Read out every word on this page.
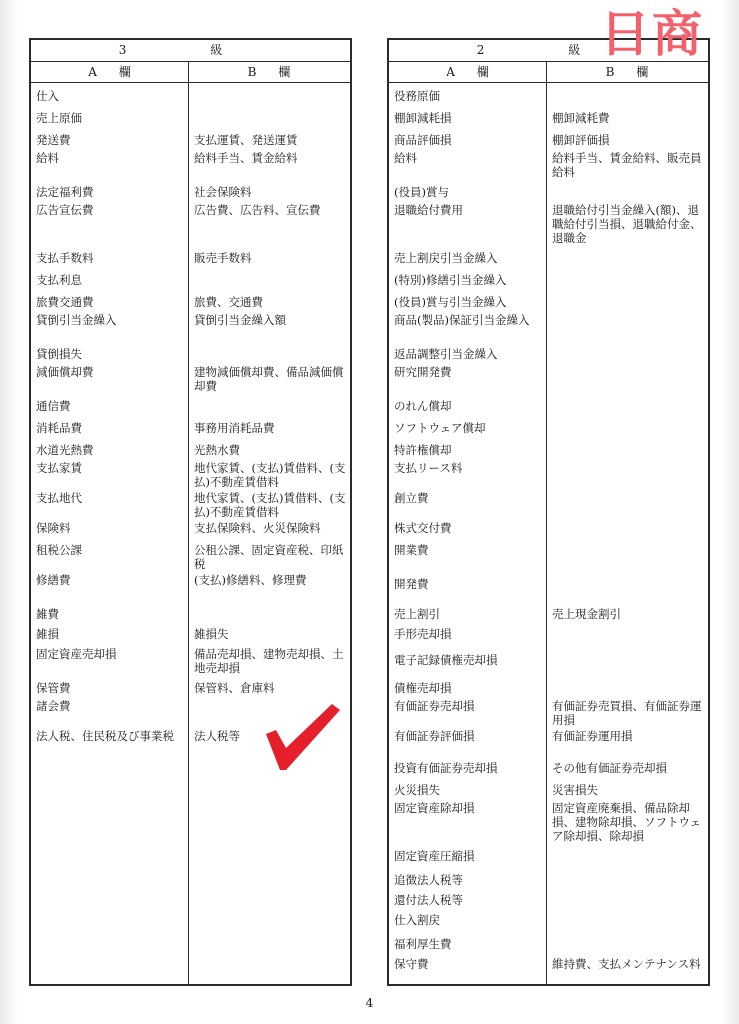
3 級
A 欄	B 欄
仕入
売上原価
発送費	支払運賃、発送運賃
給料	給料手当、賃金給料
法定福利費	社会保険料
広告宣伝費	広告費、広告料、宣伝費
支払手数料	販売手数料
支払利息
旅費交通費	旅費、交通費
貸倒引当金繰入	貸倒引当金繰入額
貸倒損失
減価償却費	建物減価償却費、備品減価償却費
通信費
消耗品費	事務用消耗品費
水道光熱費	光熱水費
支払家賃	地代家賃、(支払)賃借料、(支払)不動産賃借料
支払地代	地代家賃、(支払)賃借料、(支払)不動産賃借料
保険料	支払保険料、火災保険料
租税公課	公租公課、固定資産税、印紙税
修繕費	(支払)修繕料、修理費
雑費
雑損	雑損失
固定資産売却損	備品売却損、建物売却損、土地売却損
保管費	保管料、倉庫料
諸会費
法人税、住民税及び事業税	法人税等
2 級
A 欄	B 欄
役務原価
棚卸減耗損	棚卸減耗費
商品評価損	棚卸評価損
給料	給料手当、賃金給料、販売員給料
(役員)賞与
退職給付費用	退職給付引当金繰入(額)、退職給付引当損、退職給付金、退職金
売上割戻引当金繰入
(特別)修繕引当金繰入
(役員)賞与引当金繰入
商品(製品)保証引当金繰入
返品調整引当金繰入
研究開発費
のれん償却
ソフトウェア償却
特許権償却
支払リース料
創立費
株式交付費
開業費
開発費
売上割引	売上現金割引
手形売却損
電子記録債権売却損
債権売却損
有価証券売却損	有価証券売買損、有価証券運用損
有価証券評価損	有価証券運用損
投資有価証券売却損	その他有価証券売却損
火災損失	災害損失
固定資産除却損	固定資産廃棄損、備品除却損、建物除却損、ソフトウェア除却損、除却損
固定資産圧縮損
追徴法人税等
還付法人税等
仕入割戻
福利厚生費
保守費	維持費、支払メンテナンス料
4
日商
